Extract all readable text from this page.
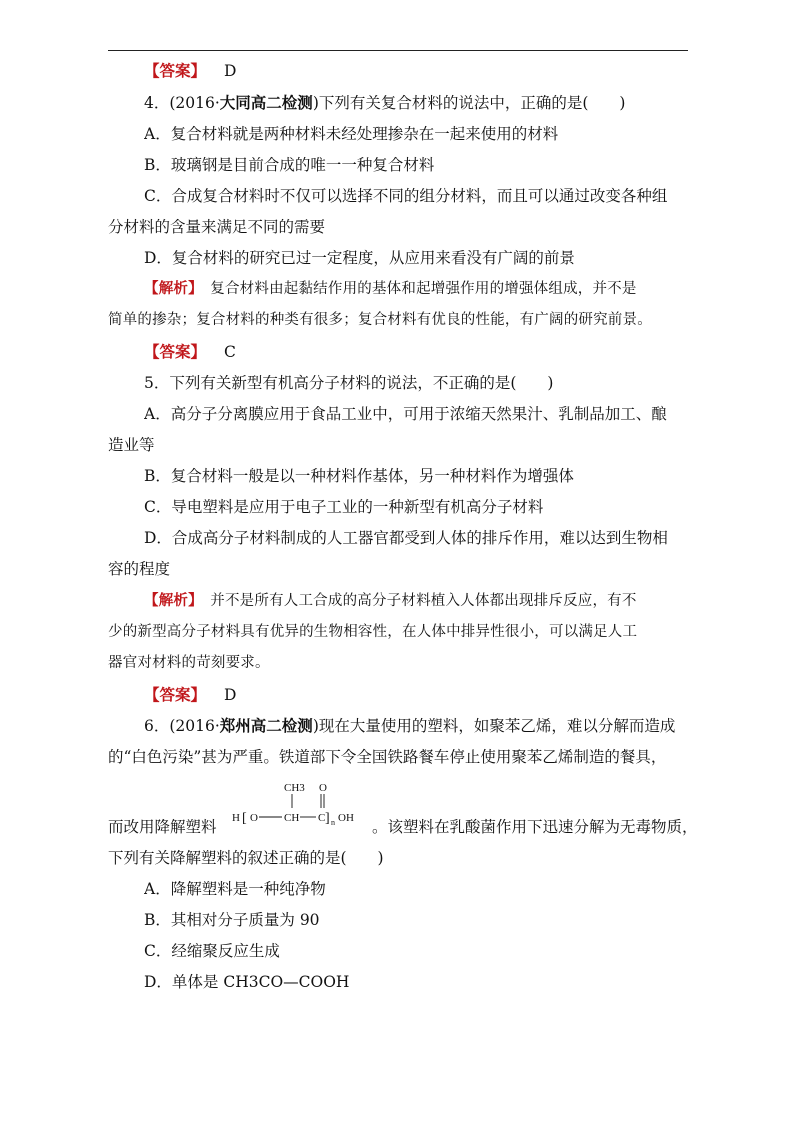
【答案】 D
4．(2016·大同高二检测)下列有关复合材料的说法中，正确的是(　　)
A．复合材料就是两种材料未经处理掺杂在一起来使用的材料
B．玻璃钢是目前合成的唯一一种复合材料
C．合成复合材料时不仅可以选择不同的组分材料，而且可以通过改变各种组
分材料的含量来满足不同的需要
D．复合材料的研究已过一定程度，从应用来看没有广阔的前景
【解析】　 复合材料由起黏结作用的基体和起增强作用的增强体组成，并不是
简单的掺杂；复合材料的种类有很多；复合材料有优良的性能，有广阔的研究前景。
【答案】 C
5．下列有关新型有机高分子材料的说法，不正确的是(　　)
A．高分子分离膜应用于食品工业中，可用于浓缩天然果汁、乳制品加工、酿
造业等
B．复合材料一般是以一种材料作基体，另一种材料作为增强体
C．导电塑料是应用于电子工业的一种新型有机高分子材料
D．合成高分子材料制成的人工器官都受到人体的排斥作用，难以达到生物相
容的程度
【解析】　 并不是所有人工合成的高分子材料植入人体都出现排斥反应，有不
少的新型高分子材料具有优异的生物相容性，在人体中排异性很小，可以满足人工
器官对材料的苛刻要求。
【答案】 D
6．(2016·郑州高二检测)现在大量使用的塑料，如聚苯乙烯，难以分解而造成
的“白色污染”甚为严重。铁道部下令全国铁路餐车停止使用聚苯乙烯制造的餐具，
而改用降解塑料
CH3 O
H [ O CH C ] n OH 。该塑料在乳酸菌作用下迅速分解为无毒物质，
下列有关降解塑料的叙述正确的是(　　)
A．降解塑料是一种纯净物
B．其相对分子质量为 90
C．经缩聚反应生成
D．单体是 CH3CO—COOH
